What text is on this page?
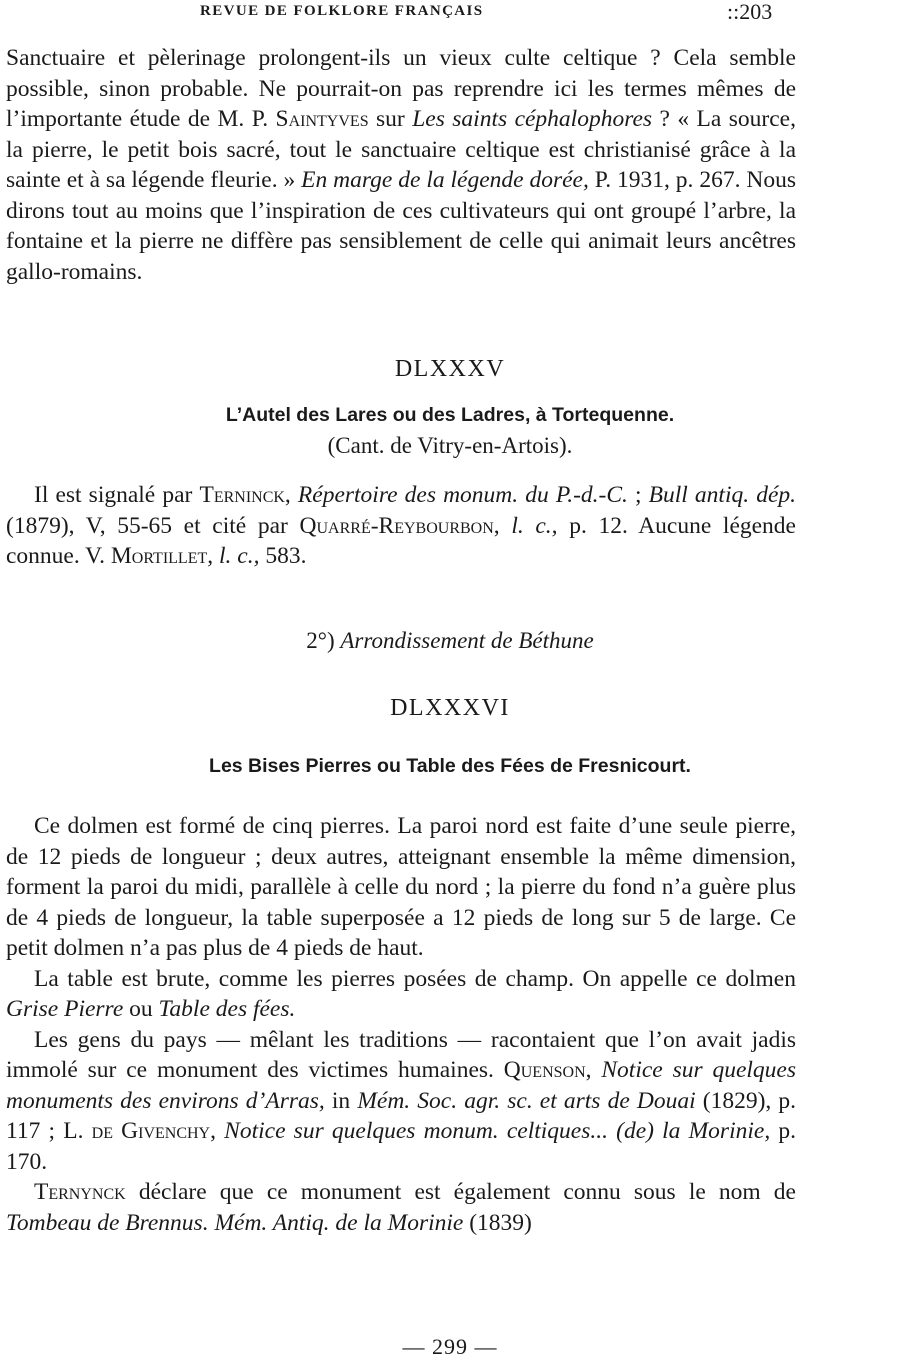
REVUE DE FOLKLORE FRANÇAIS	::203

Sanctuaire et pèlerinage prolongent-ils un vieux culte celtique ? Cela semble possible, sinon probable. Ne pourrait-on pas reprendre ici les termes mêmes de l’importante étude de M. P. Saintyves sur Les saints céphalophores ? « La source, la pierre, le petit bois sacré, tout le sanctuaire celtique est christianisé grâce à la sainte et à sa légende fleurie. » En marge de la légende dorée, P. 1931, p. 267. Nous dirons tout au moins que l’inspiration de ces cultivateurs qui ont groupé l’arbre, la fontaine et la pierre ne diffère pas sensiblement de celle qui animait leurs ancêtres gallo-romains.

DLXXXV
L’Autel des Lares ou des Ladres, à Tortequenne.
(Cant. de Vitry-en-Artois).

Il est signalé par Terninck, Répertoire des monum. du P.-d.-C. ; Bull antiq. dép. (1879), V, 55-65 et cité par Quarré-Reybourbon, l. c., p. 12. Aucune légende connue. V. Mortillet, l. c., 583.

2°) Arrondissement de Béthune
DLXXXVI
Les Bises Pierres ou Table des Fées de Fresnicourt.

Ce dolmen est formé de cinq pierres. La paroi nord est faite d’une seule pierre, de 12 pieds de longueur ; deux autres, atteignant ensemble la même dimension, forment la paroi du midi, parallèle à celle du nord ; la pierre du fond n’a guère plus de 4 pieds de longueur, la table superposée a 12 pieds de long sur 5 de large. Ce petit dolmen n’a pas plus de 4 pieds de haut.

La table est brute, comme les pierres posées de champ. On appelle ce dolmen Grise Pierre ou Table des fées.

Les gens du pays — mêlant les traditions — racontaient que l’on avait jadis immolé sur ce monument des victimes humaines. Quenson, Notice sur quelques monuments des environs d’Arras, in Mém. Soc. agr. sc. et arts de Douai (1829), p. 117 ; L. de Givenchy, Notice sur quelques monum. celtiques... (de) la Morinie, p. 170.

Ternynck déclare que ce monument est également connu sous le nom de Tombeau de Brennus. Mém. Antiq. de la Morinie (1839)

— 299 —
